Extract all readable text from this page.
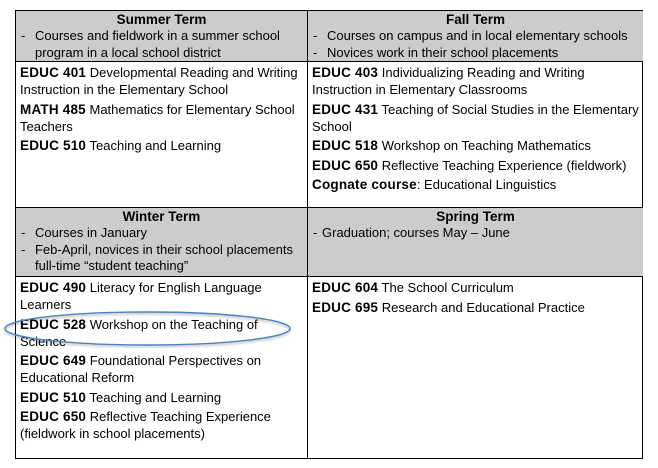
Summer Term
- Courses and fieldwork in a summer school program in a local school district
Fall Term
- Courses on campus and in local elementary schools
- Novices work in their school placements
EDUC 401 Developmental Reading and Writing Instruction in the Elementary School
MATH 485 Mathematics for Elementary School Teachers
EDUC 510 Teaching and Learning
EDUC 403 Individualizing Reading and Writing Instruction in Elementary Classrooms
EDUC 431 Teaching of Social Studies in the Elementary School
EDUC 518 Workshop on Teaching Mathematics
EDUC 650 Reflective Teaching Experience (fieldwork)
Cognate course: Educational Linguistics
Winter Term
- Courses in January
- Feb-April, novices in their school placements full-time “student teaching”
Spring Term
- Graduation; courses May – June
EDUC 490 Literacy for English Language Learners
EDUC 528 Workshop on the Teaching of Science
EDUC 649 Foundational Perspectives on Educational Reform
EDUC 510 Teaching and Learning
EDUC 650 Reflective Teaching Experience (fieldwork in school placements)
EDUC 604 The School Curriculum
EDUC 695 Research and Educational Practice
